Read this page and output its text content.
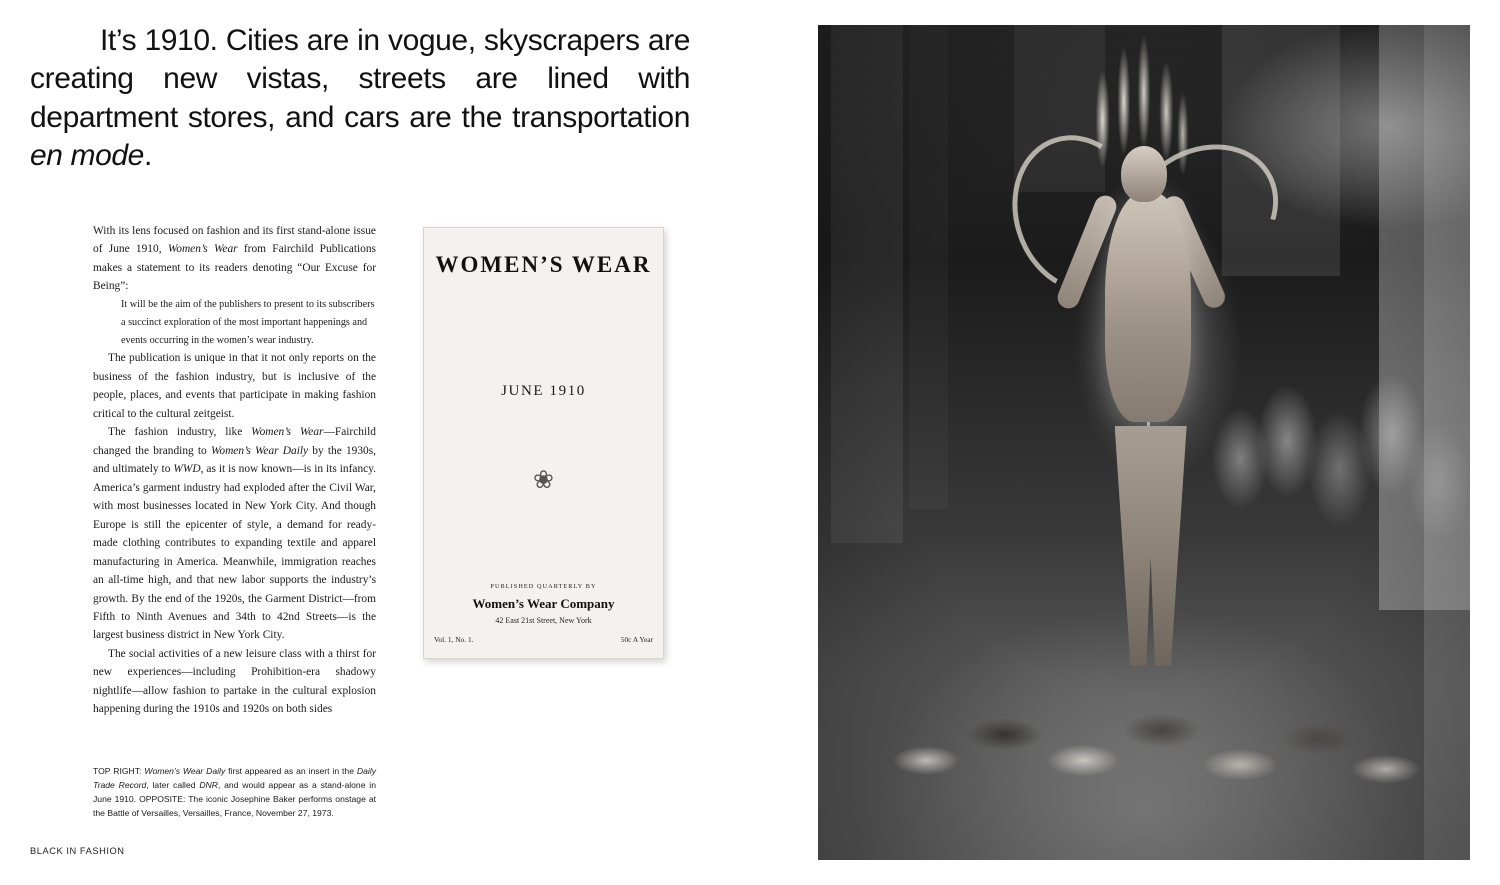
It’s 1910. Cities are in vogue, skyscrapers are creating new vistas, streets are lined with department stores, and cars are the transportation en mode.

With its lens focused on fashion and its first stand-alone issue of June 1910, Women’s Wear from Fairchild Publications makes a statement to its readers denoting “Our Excuse for Being”:

It will be the aim of the publishers to present to its subscribers a succinct exploration of the most important happenings and events occurring in the women’s wear industry.

The publication is unique in that it not only reports on the business of the fashion industry, but is inclusive of the people, places, and events that participate in making fashion critical to the cultural zeitgeist.

The fashion industry, like Women’s Wear—Fairchild changed the branding to Women’s Wear Daily by the 1930s, and ultimately to WWD, as it is now known—is in its infancy. America’s garment industry had exploded after the Civil War, with most businesses located in New York City. And though Europe is still the epicenter of style, a demand for ready-made clothing contributes to expanding textile and apparel manufacturing in America. Meanwhile, immigration reaches an all-time high, and that new labor supports the industry’s growth. By the end of the 1920s, the Garment District—from Fifth to Ninth Avenues and 34th to 42nd Streets—is the largest business district in New York City.

The social activities of a new leisure class with a thirst for new experiences—including Prohibition-era shadowy nightlife—allow fashion to partake in the cultural explosion happening during the 1910s and 1920s on both sides

WOMEN’S WEAR
JUNE 1910
❀
PUBLISHED QUARTERLY BY
Women’s Wear Company
42 East 21st Street, New York
Vol. 1, No. 1.	50c A Year
TOP RIGHT: Women’s Wear Daily first appeared as an insert in the Daily Trade Record, later called DNR, and would appear as a stand-alone in June 1910. OPPOSITE: The iconic Josephine Baker performs onstage at the Battle of Versailles, Versailles, France, November 27, 1973.
BLACK IN FASHION
